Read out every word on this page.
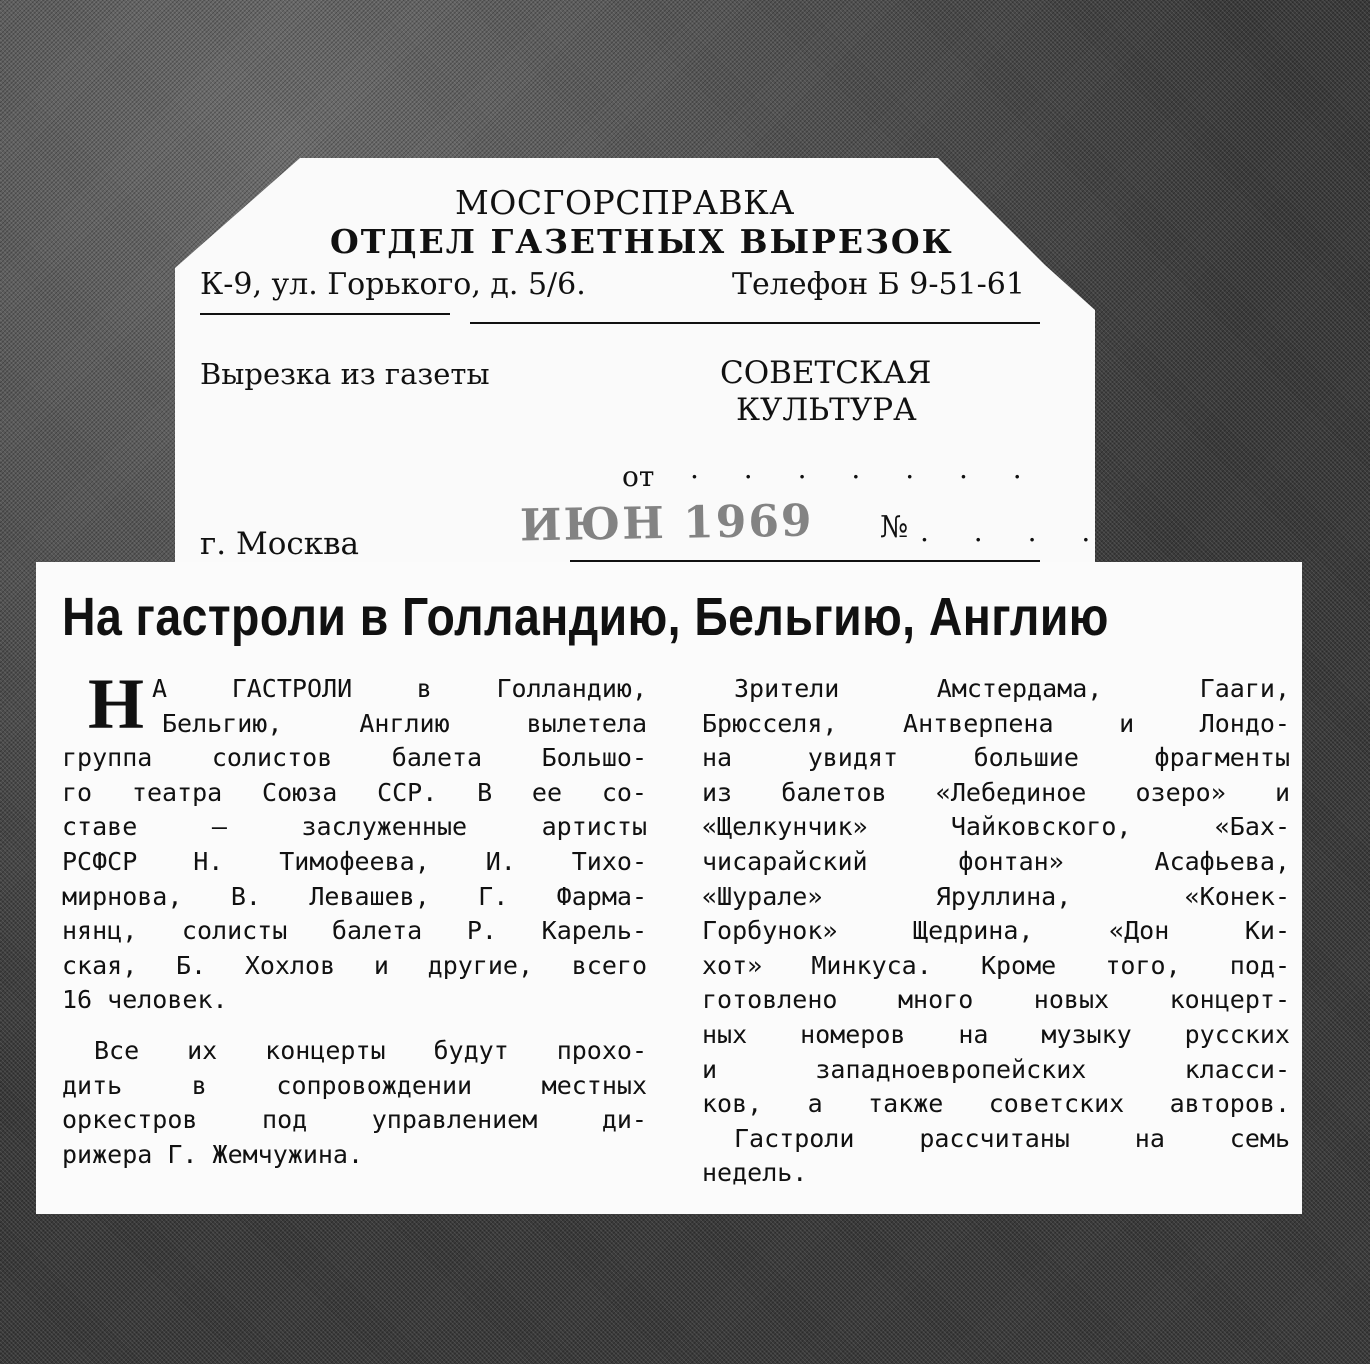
МОСГОРСПРАВКА
ОТДЕЛ ГАЗЕТНЫХ ВЫРЕЗОК
К-9, ул. Горького, д. 5/6.	Телефон Б 9-51-61
Вырезка из газеты	СОВЕТСКАЯ
КУЛЬТУРА
от . . . . . . .
г. Москва	ИЮН 1969 № . . . .
На гастроли в Голландию, Бельгию, Англию
Н А ГАСТРОЛИ в Голландию,
Бельгию, Англию вылетела
группа солистов балета Большо-
го театра Союза ССР. В ее со-
ставе — заслуженные артисты
РСФСР Н. Тимофеева, И. Тихо-
мирнова, В. Левашев, Г. Фарма-
нянц, солисты балета Р. Карель-
ская, Б. Хохлов и другие, всего
16 человек.
Все их концерты будут прохо-
дить в сопровождении местных
оркестров под управлением ди-
рижера Г. Жемчужина.
Зрители Амстердама, Гааги,
Брюсселя, Антверпена и Лондо-
на увидят большие фрагменты
из балетов «Лебединое озеро» и
«Щелкунчик» Чайковского, «Бах-
чисарайский фонтан» Асафьева,
«Шурале» Яруллина, «Конек-
Горбунок» Щедрина, «Дон Ки-
хот» Минкуса. Кроме того, под-
готовлено много новых концерт-
ных номеров на музыку русских
и западноевропейских класси-
ков, а также советских авторов.
Гастроли рассчитаны на семь
недель.
